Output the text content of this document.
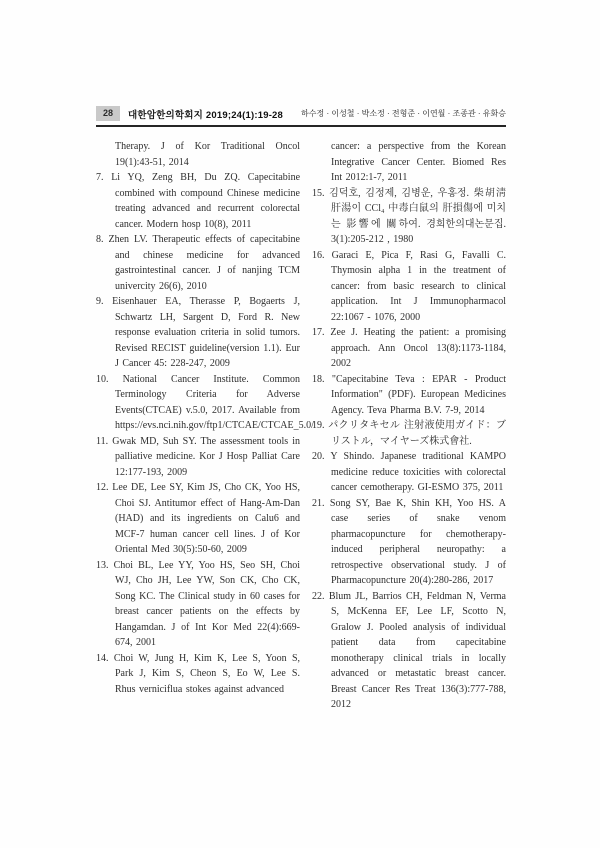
28	대한암한의학회지 2019;24(1):19-28 하수정 · 이성철 · 박소정 · 전형준 · 이연월 · 조종관 · 유화승

Therapy. J of Kor Traditional Oncol 19(1):43-51, 2014

7. Li YQ, Zeng BH, Du ZQ. Capecitabine combined with compound Chinese medicine treating advanced and recurrent colorectal cancer. Modern hosp 10(8), 2011

8. Zhen LV. Therapeutic effects of capecitabine and chinese medicine for advanced gastrointestinal cancer. J of nanjing TCM univercity 26(6), 2010

9. Eisenhauer EA, Therasse P, Bogaerts J, Schwartz LH, Sargent D, Ford R. New response evaluation criteria in solid tumors. Revised RECIST guideline(version 1.1). Eur J Cancer 45: 228-247, 2009

10. National Cancer Institute. Common Terminology Criteria for Adverse Events(CTCAE) v.5.0, 2017. Available from https://evs.nci.nih.gov/ftp1/CTCAE/CTCAE_5.0/

11. Gwak MD, Suh SY. The assessment tools in palliative medicine. Kor J Hosp Palliat Care 12:177-193, 2009

12. Lee DE, Lee SY, Kim JS, Cho CK, Yoo HS, Choi SJ. Antitumor effect of Hang-Am-Dan (HAD) and its ingredients on Calu6 and MCF-7 human cancer cell lines. J of Kor Oriental Med 30(5):50-60, 2009

13. Choi BL, Lee YY, Yoo HS, Seo SH, Choi WJ, Cho JH, Lee YW, Son CK, Cho CK, Song KC. The Clinical study in 60 cases for breast cancer patients on the effects by Hangamdan. J of Int Kor Med 22(4):669-674, 2001

14. Choi W, Jung H, Kim K, Lee S, Yoon S, Park J, Kim S, Cheon S, Eo W, Lee S. Rhus verniciflua stokes against advanced

cancer: a perspective from the Korean Integrative Cancer Center. Biomed Res Int 2012:1-7, 2011

15. 김덕호, 김정제, 김병운, 우홍정. 柴胡淸肝湯이 CCl₄ 中毒白鼠의 肝損傷에 미치는 影響에 關하여. 경희한의대논문집. 3(1):205-212 , 1980

16. Garaci E, Pica F, Rasi G, Favalli C. Thymosin alpha 1 in the treatment of cancer: from basic research to clinical application. Int J Immunopharmacol 22:1067 - 1076, 2000

17. Zee J. Heating the patient: a promising approach. Ann Oncol 13(8):1173-1184, 2002

18. "Capecitabine Teva : EPAR - Product Information" (PDF). European Medicines Agency. Teva Pharma B.V. 7-9, 2014

19. パクリタキセル 注射液使用ガイド：ブリストル，マイヤーズ株式會社.

20. Y Shindo. Japanese traditional KAMPO medicine reduce toxicities with colorectal cancer cemotherapy. GI-ESMO 375, 2011

21. Song SY, Bae K, Shin KH, Yoo HS. A case series of snake venom pharmacopuncture for chemotherapy-induced peripheral neuropathy: a retrospective observational study. J of Pharmacopuncture 20(4):280-286, 2017

22. Blum JL, Barrios CH, Feldman N, Verma S, McKenna EF, Lee LF, Scotto N, Gralow J. Pooled analysis of individual patient data from capecitabine monotherapy clinical trials in locally advanced or metastatic breast cancer. Breast Cancer Res Treat 136(3):777-788, 2012
